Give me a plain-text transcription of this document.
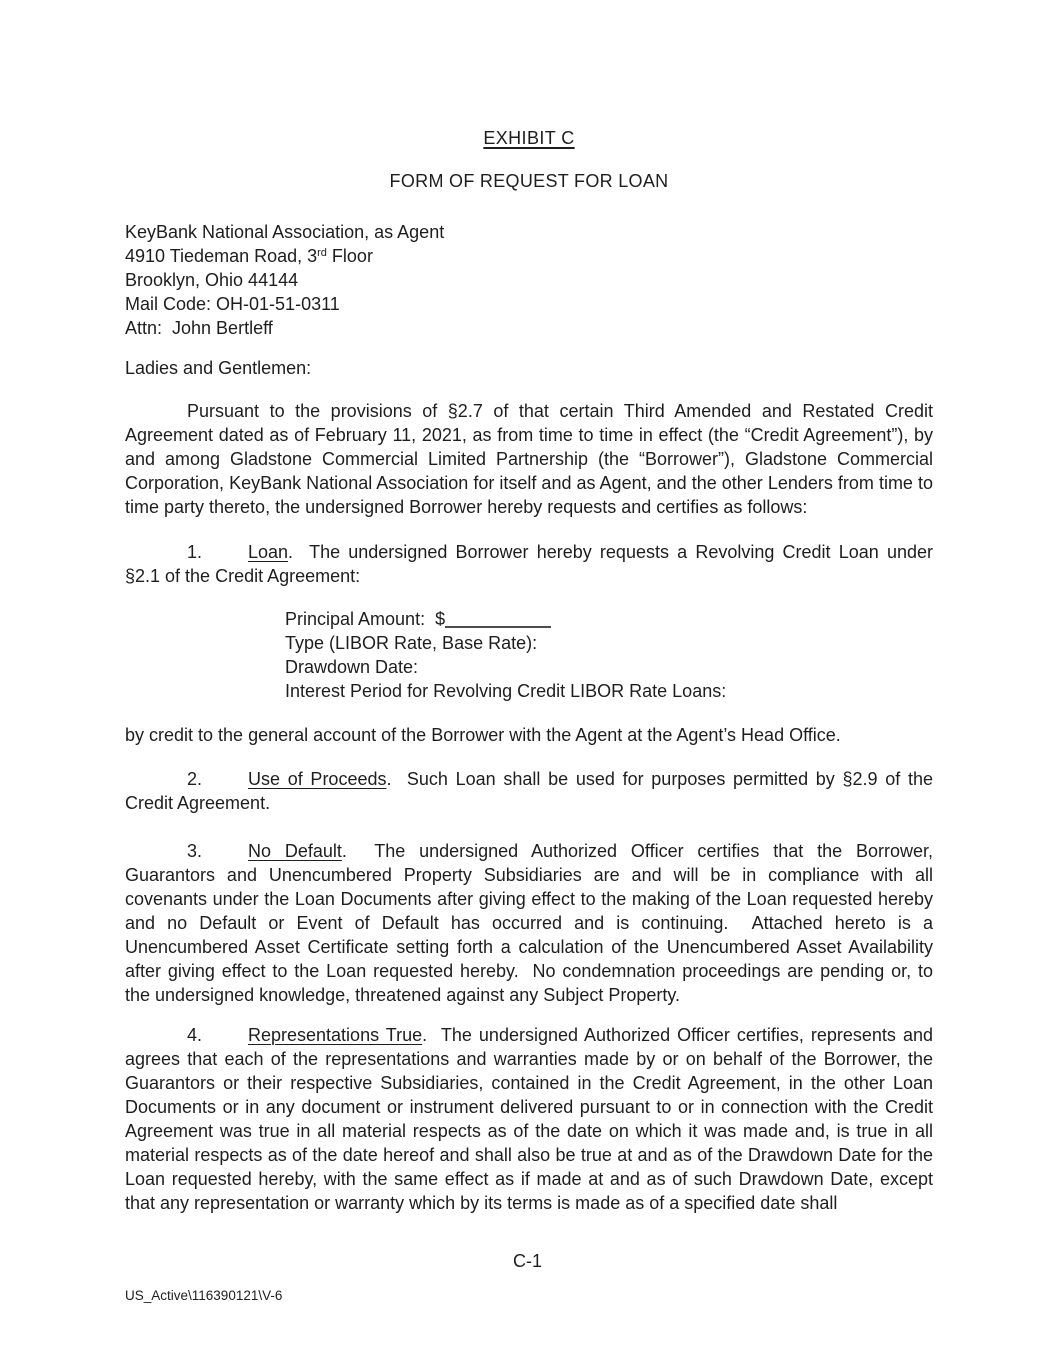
EXHIBIT C
FORM OF REQUEST FOR LOAN
KeyBank National Association, as Agent
4910 Tiedeman Road, 3rd Floor
Brooklyn, Ohio 44144
Mail Code: OH-01-51-0311
Attn:  John Bertleff
Ladies and Gentlemen:

Pursuant to the provisions of §2.7 of that certain Third Amended and Restated Credit Agreement dated as of February 11, 2021, as from time to time in effect (the “Credit Agreement”), by and among Gladstone Commercial Limited Partnership (the “Borrower”), Gladstone Commercial Corporation, KeyBank National Association for itself and as Agent, and the other Lenders from time to time party thereto, the undersigned Borrower hereby requests and certifies as follows:

1.	Loan.  The undersigned Borrower hereby requests a Revolving Credit Loan under §2.1 of the Credit Agreement:

Principal Amount:  $
Type (LIBOR Rate, Base Rate):
Drawdown Date:
Interest Period for Revolving Credit LIBOR Rate Loans:
by credit to the general account of the Borrower with the Agent at the Agent’s Head Office.

2.	Use of Proceeds.  Such Loan shall be used for purposes permitted by §2.9 of the Credit Agreement.

3.	No Default.  The undersigned Authorized Officer certifies that the Borrower, Guarantors and Unencumbered Property Subsidiaries are and will be in compliance with all covenants under the Loan Documents after giving effect to the making of the Loan requested hereby and no Default or Event of Default has occurred and is continuing.  Attached hereto is a Unencumbered Asset Certificate setting forth a calculation of the Unencumbered Asset Availability after giving effect to the Loan requested hereby.  No condemnation proceedings are pending or, to the undersigned knowledge, threatened against any Subject Property.

4.	Representations True.  The undersigned Authorized Officer certifies, represents and agrees that each of the representations and warranties made by or on behalf of the Borrower, the Guarantors or their respective Subsidiaries, contained in the Credit Agreement, in the other Loan Documents or in any document or instrument delivered pursuant to or in connection with the Credit Agreement was true in all material respects as of the date on which it was made and, is true in all material respects as of the date hereof and shall also be true at and as of the Drawdown Date for the Loan requested hereby, with the same effect as if made at and as of such Drawdown Date, except that any representation or warranty which by its terms is made as of a specified date shall

C-1
US_Active\116390121\V-6
